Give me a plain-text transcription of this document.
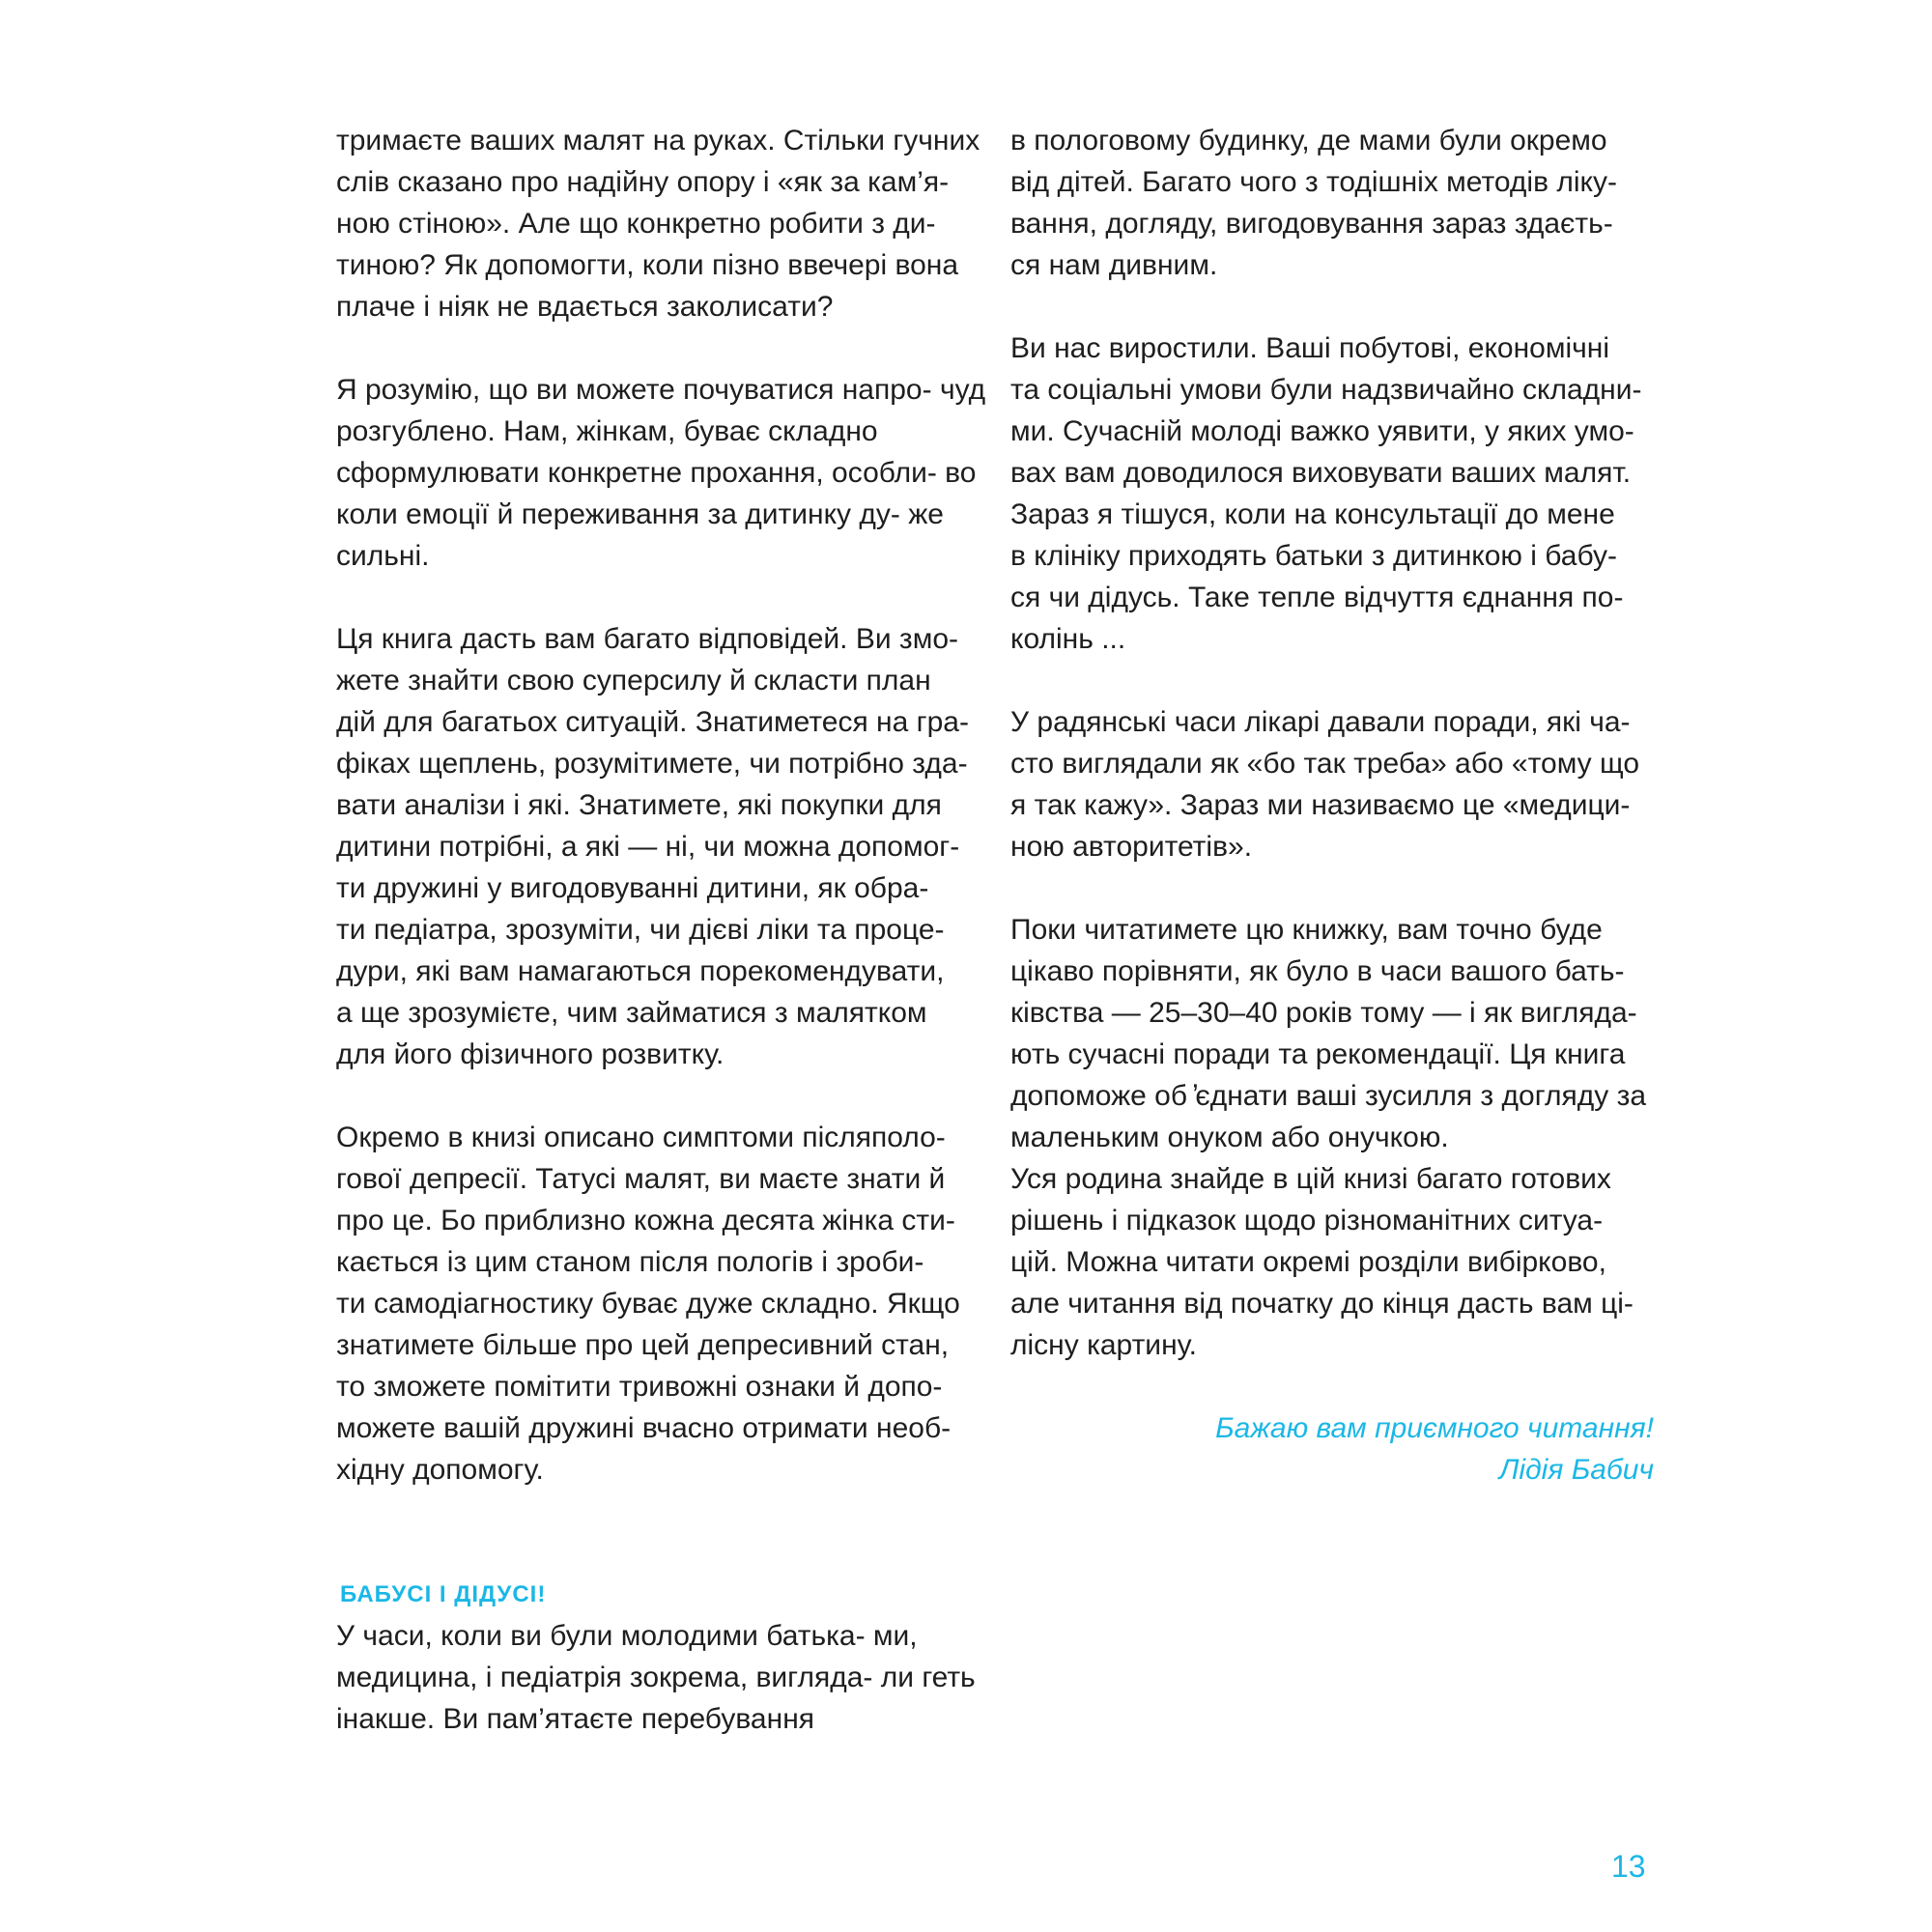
тримаєте ваших малят на руках. Стільки гучних слів сказано про надійну опору і «як за кам’я- ною стіною». Але що конкретно робити з ди- тиною? Як допомогти, коли пізно ввечері вона плаче і ніяк не вдається заколисати?

Я розумію, що ви можете почуватися напро- чуд розгублено. Нам, жінкам, буває складно сформулювати конкретне прохання, особли- во коли емоції й переживання за дитинку ду- же сильні.

Ця книга дасть вам багато відповідей. Ви змо-
жете знайти свою суперсилу й скласти план
дій для багатьох ситуацій. Знатиметеся на гра-
фіках щеплень, розумітимете, чи потрібно зда-
вати аналізи і які. Знатимете, які покупки для
дитини потрібні, а які — ні, чи можна допомог-
ти дружині у вигодовуванні дитини, як обра-
ти педіатра, зрозуміти, чи дієві ліки та проце-
дури, які вам намагаються порекомендувати,
а ще зрозумієте, чим займатися з малятком
для його фізичного розвитку.

Окремо в книзі описано симптоми післяполо-
гової депресії. Татусі малят, ви маєте знати й
про це. Бо приблизно кожна десята жінка сти-
кається із цим станом після пологів і зроби-
ти самодіагностику буває дуже складно. Якщо
знатимете більше про цей депресивний стан,
то зможете помітити тривожні ознаки й допо-
можете вашій дружині вчасно отримати необ-
хідну допомогу.

БАБУСІ І ДІДУСІ!

У часи, коли ви були молодими батька- ми, медицина, і педіатрія зокрема, вигляда- ли геть інакше. Ви пам’ятаєте перебування

в пологовому будинку, де мами були окремо
від дітей. Багато чого з тодішніх методів ліку-
вання, догляду, вигодовування зараз здаєть-
ся нам дивним.

Ви нас виростили. Ваші побутові, економічні
та соціальні умови були надзвичайно складни-
ми. Сучасній молоді важко уявити, у яких умо-
вах вам доводилося виховувати ваших малят.
Зараз я тішуся, коли на консультації до мене
в клініку приходять батьки з дитинкою і бабу-
ся чи дідусь. Таке тепле відчуття єднання по-
колінь ...

У радянські часи лікарі давали поради, які ча-
сто виглядали як «бо так треба» або «тому що
я так кажу». Зараз ми називаємо це «медици-
ною авторитетів».

Поки читатимете цю книжку, вам точно буде цікаво порівняти, як було в часи вашого бать- ківства — 25–30–40 років тому — і як вигляда- ють сучасні поради та рекомендації. Ця книга допоможе об ̕єднати ваші зусилля з догляду за маленьким онуком або онучкою.

Уся родина знайде в цій книзі багато готових
рішень і підказок щодо різноманітних ситуа-
цій. Можна читати окремі розділи вибірково,
але читання від початку до кінця дасть вам ці-
лісну картину.

Бажаю вам приємного читання!

Лідія Бабич

13
